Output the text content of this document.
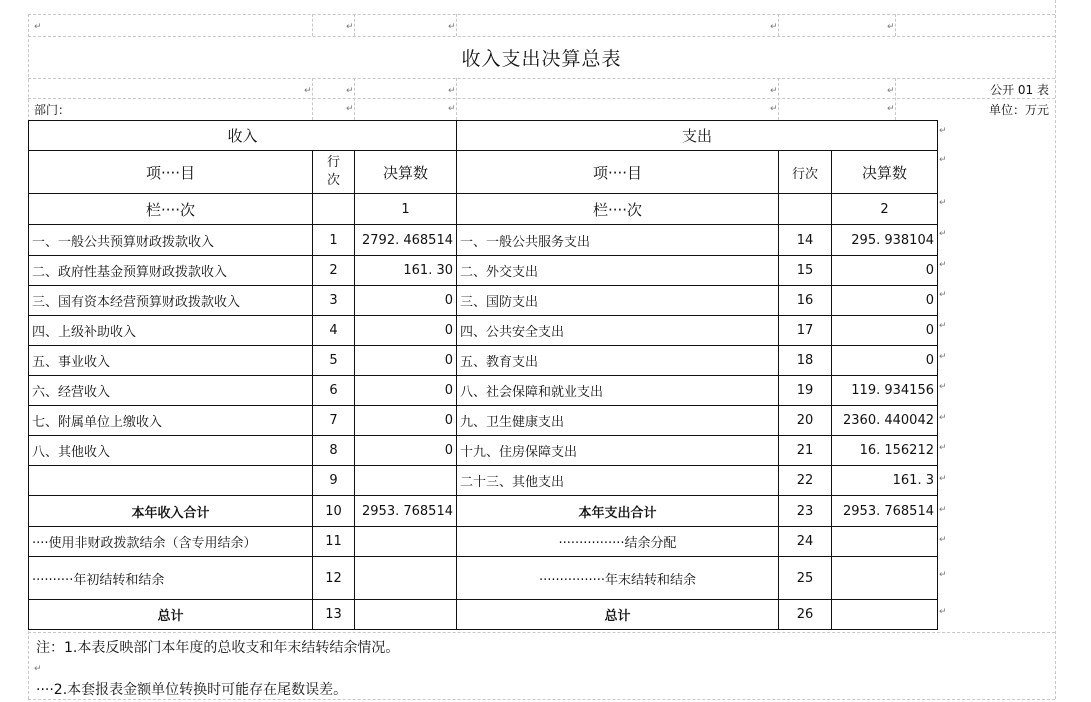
↵	↵	↵	↵	↵
↵	↵	↵	↵	↵
↵	↵	↵	↵
↵
↵
↵
↵
↵
↵
↵
↵
↵
↵
↵
↵
↵
↵
↵
↵
收入支出决算总表
公开 01 表
部门：	单位：万元
收入			支出		
项····目	行次	决算数	项····目	行次	决算数
栏····次		1	栏····次		2
一、一般公共预算财政拨款收入	1	2792. 468514	一、一般公共服务支出	14	295. 938104
二、政府性基金预算财政拨款收入	2	161. 30	二、外交支出	15	0
三、国有资本经营预算财政拨款收入	3	0	三、国防支出	16	0
四、上级补助收入	4	0	四、公共安全支出	17	0
五、事业收入	5	0	五、教育支出	18	0
六、经营收入	6	0	八、社会保障和就业支出	19	119. 934156
七、附属单位上缴收入	7	0	九、卫生健康支出	20	2360. 440042
八、其他收入	8	0	十九、住房保障支出	21	16. 156212
	9		二十三、其他支出	22	161. 3
本年收入合计	10	2953. 768514	本年支出合计	23	2953. 768514
····使用非财政拨款结余（含专用结余）	11		················结余分配	24	
··········年初结转和结余	12		················年末结转和结余	25	
总计	13		总计	26	
注：1.本表反映部门本年度的总收支和年末结转结余情况。
↵
····2.本套报表金额单位转换时可能存在尾数误差。
